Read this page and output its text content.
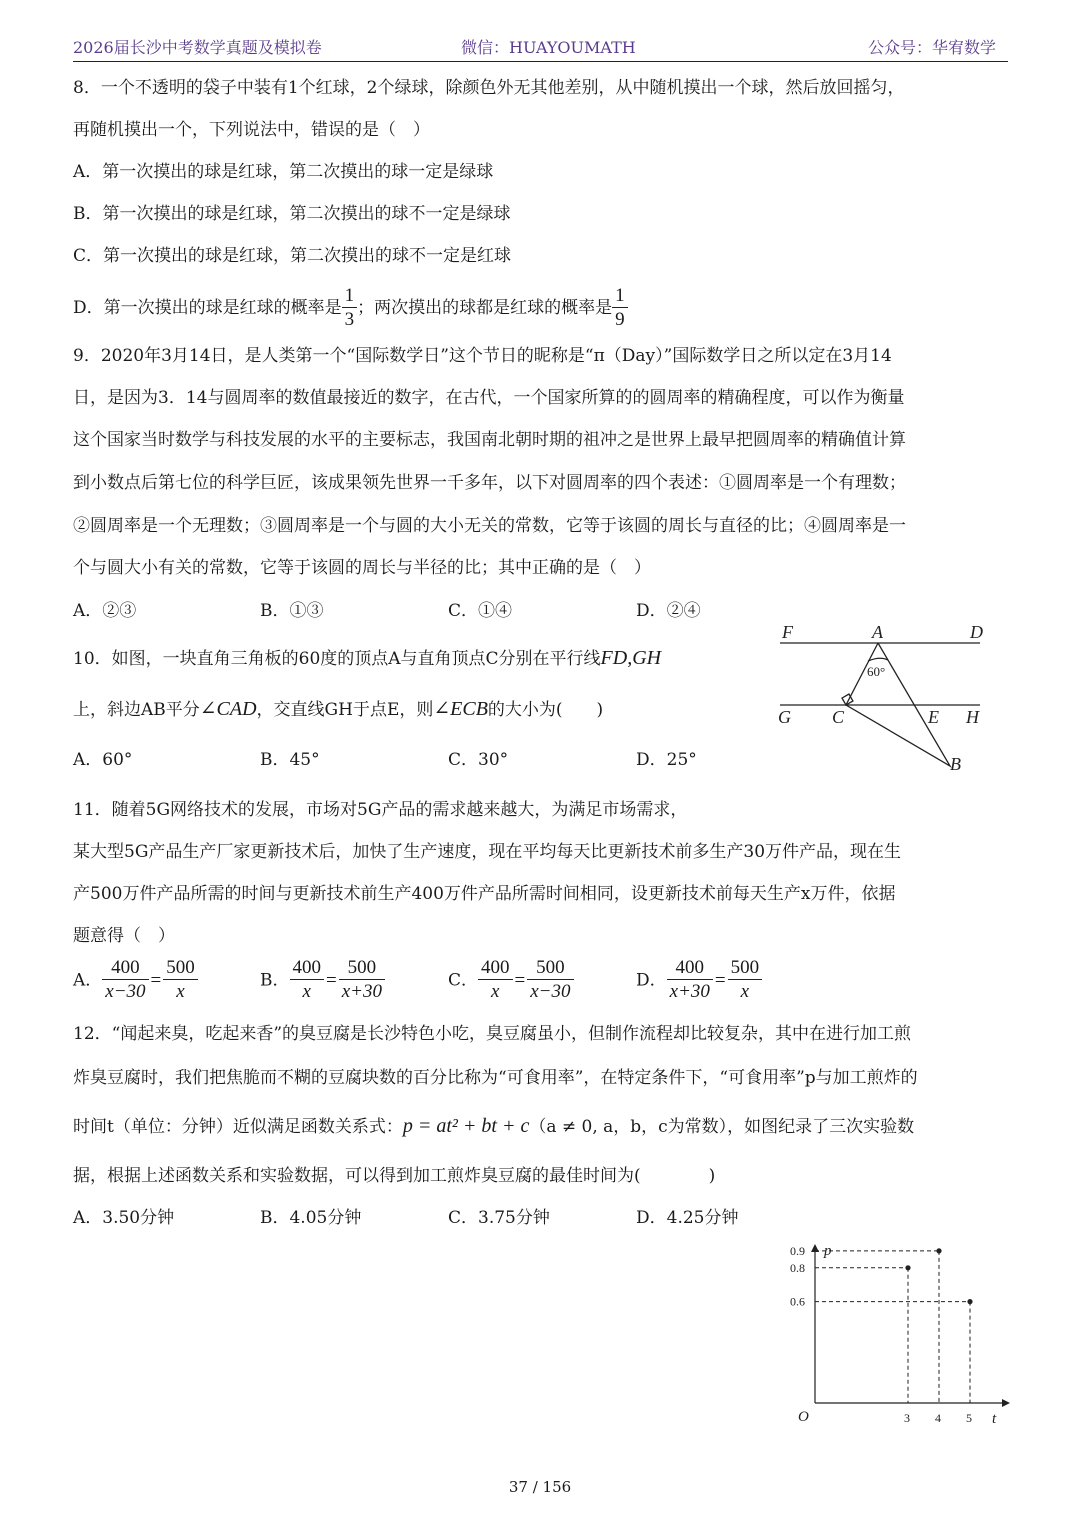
2026届长沙中考数学真题及模拟卷	微信：HUAYOUMATH	公众号：华宥数学
8．一个不透明的袋子中装有1个红球，2个绿球，除颜色外无其他差别，从中随机摸出一个球，然后放回摇匀，
再随机摸出一个，下列说法中，错误的是（　）
A．第一次摸出的球是红球，第二次摸出的球一定是绿球
B．第一次摸出的球是红球，第二次摸出的球不一定是绿球
C．第一次摸出的球是红球，第二次摸出的球不一定是红球
D．第一次摸出的球是红球的概率是 $\frac{1}{3}$ ；两次摸出的球都是红球的概率是 $\frac{1}{9}$
9．2020年3月14日，是人类第一个“国际数学日”这个节日的昵称是“π（Day）”国际数学日之所以定在3月14
日，是因为3．14与圆周率的数值最接近的数字，在古代，一个国家所算的的圆周率的精确程度，可以作为衡量
这个国家当时数学与科技发展的水平的主要标志，我国南北朝时期的祖冲之是世界上最早把圆周率的精确值计算
到小数点后第七位的科学巨匠，该成果领先世界一千多年，以下对圆周率的四个表述：①圆周率是一个有理数；
②圆周率是一个无理数；③圆周率是一个与圆的大小无关的常数，它等于该圆的周长与直径的比；④圆周率是一
个与圆大小有关的常数，它等于该圆的周长与半径的比；其中正确的是（　）
A．②③	B．①③	C．①④	D．②④
10．如图，一块直角三角板的60度的顶点A与直角顶点C分别在平行线FD,GH
上，斜边AB平分∠CAD，交直线GH于点E，则∠ECB的大小为(　　)
A．60°	B．45°	C．30°	D．25°
F	A	D
G C	E H
B
60°
11．随着5G网络技术的发展，市场对5G产品的需求越来越大，为满足市场需求，
某大型5G产品生产厂家更新技术后，加快了生产速度，现在平均每天比更新技术前多生产30万件产品，现在生
产500万件产品所需的时间与更新技术前生产400万件产品所需时间相同，设更新技术前每天生产x万件，依据
题意得（　）
A． $\frac{400}{x-30} = \frac{500}{x}$	B． $\frac{400}{x} = \frac{500}{x+30}$	C． $\frac{400}{x} = \frac{500}{x-30}$	D． $\frac{400}{x+30} = \frac{500}{x}$
12．“闻起来臭，吃起来香”的臭豆腐是长沙特色小吃，臭豆腐虽小，但制作流程却比较复杂，其中在进行加工煎
炸臭豆腐时，我们把焦脆而不糊的豆腐块数的百分比称为“可食用率”，在特定条件下，“可食用率”p与加工煎炸的
时间t（单位：分钟）近似满足函数关系式：p = at² + bt + c（a ≠ 0, a，b，c为常数），如图纪录了三次实验数
据，根据上述函数关系和实验数据，可以得到加工煎炸臭豆腐的最佳时间为(　　　　)
A．3.50分钟	B．4.05分钟	C．3.75分钟	D．4.25分钟
0.9
0.8
0.6
3 4 5
p
t
O
37 / 156
